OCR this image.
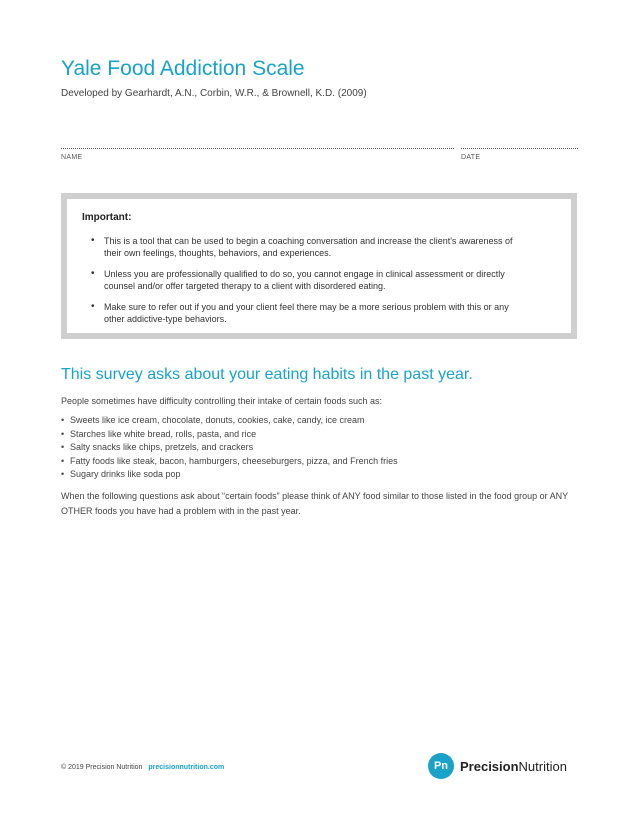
Yale Food Addiction Scale
Developed by Gearhardt, A.N., Corbin, W.R., & Brownell, K.D. (2009)
NAME	DATE
Important:
• This is a tool that can be used to begin a coaching conversation and increase the client's awareness of their own feelings, thoughts, behaviors, and experiences.
• Unless you are professionally qualified to do so, you cannot engage in clinical assessment or directly counsel and/or offer targeted therapy to a client with disordered eating.
• Make sure to refer out if you and your client feel there may be a more serious problem with this or any other addictive-type behaviors.
This survey asks about your eating habits in the past year.
People sometimes have difficulty controlling their intake of certain foods such as:
• Sweets like ice cream, chocolate, donuts, cookies, cake, candy, ice cream
• Starches like white bread, rolls, pasta, and rice
• Salty snacks like chips, pretzels, and crackers
• Fatty foods like steak, bacon, hamburgers, cheeseburgers, pizza, and French fries
• Sugary drinks like soda pop
When the following questions ask about “certain foods” please think of ANY food similar to those listed in the food group or ANY OTHER foods you have had a problem with in the past year.
© 2019 Precision Nutrition precisionnutrition.com	Pn PrecisionNutrition
